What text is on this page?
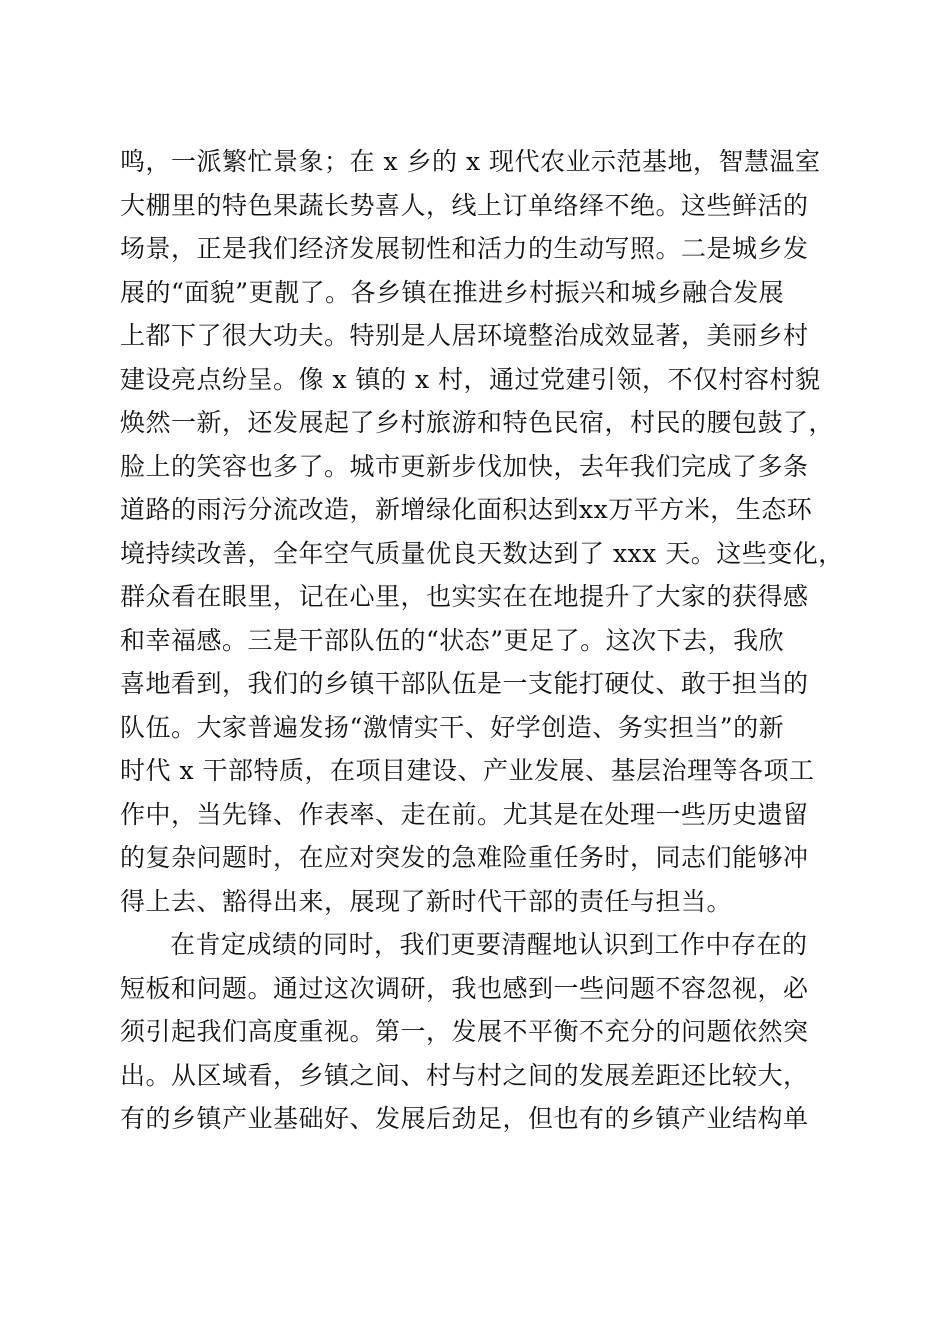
鸣，一派繁忙景象；在 x 乡的 x 现代农业示范基地，智慧温室
大棚里的特色果蔬长势喜人，线上订单络绎不绝。这些鲜活的
场景，正是我们经济发展韧性和活力的生动写照。二是城乡发
展的“面貌”更靓了。各乡镇在推进乡村振兴和城乡融合发展
上都下了很大功夫。特别是人居环境整治成效显著，美丽乡村
建设亮点纷呈。像 x 镇的 x 村，通过党建引领，不仅村容村貌
焕然一新，还发展起了乡村旅游和特色民宿，村民的腰包鼓了，
脸上的笑容也多了。城市更新步伐加快，去年我们完成了多条
道路的雨污分流改造，新增绿化面积达到xx万平方米，生态环
境持续改善，全年空气质量优良天数达到了 xxx 天。这些变化，
群众看在眼里，记在心里，也实实在在地提升了大家的获得感
和幸福感。三是干部队伍的“状态”更足了。这次下去，我欣
喜地看到，我们的乡镇干部队伍是一支能打硬仗、敢于担当的
队伍。大家普遍发扬“激情实干、好学创造、务实担当”的新
时代 x 干部特质，在项目建设、产业发展、基层治理等各项工
作中，当先锋、作表率、走在前。尤其是在处理一些历史遗留
的复杂问题时，在应对突发的急难险重任务时，同志们能够冲
得上去、豁得出来，展现了新时代干部的责任与担当。
在肯定成绩的同时，我们更要清醒地认识到工作中存在的
短板和问题。通过这次调研，我也感到一些问题不容忽视，必
须引起我们高度重视。第一，发展不平衡不充分的问题依然突
出。从区域看，乡镇之间、村与村之间的发展差距还比较大，
有的乡镇产业基础好、发展后劲足，但也有的乡镇产业结构单
